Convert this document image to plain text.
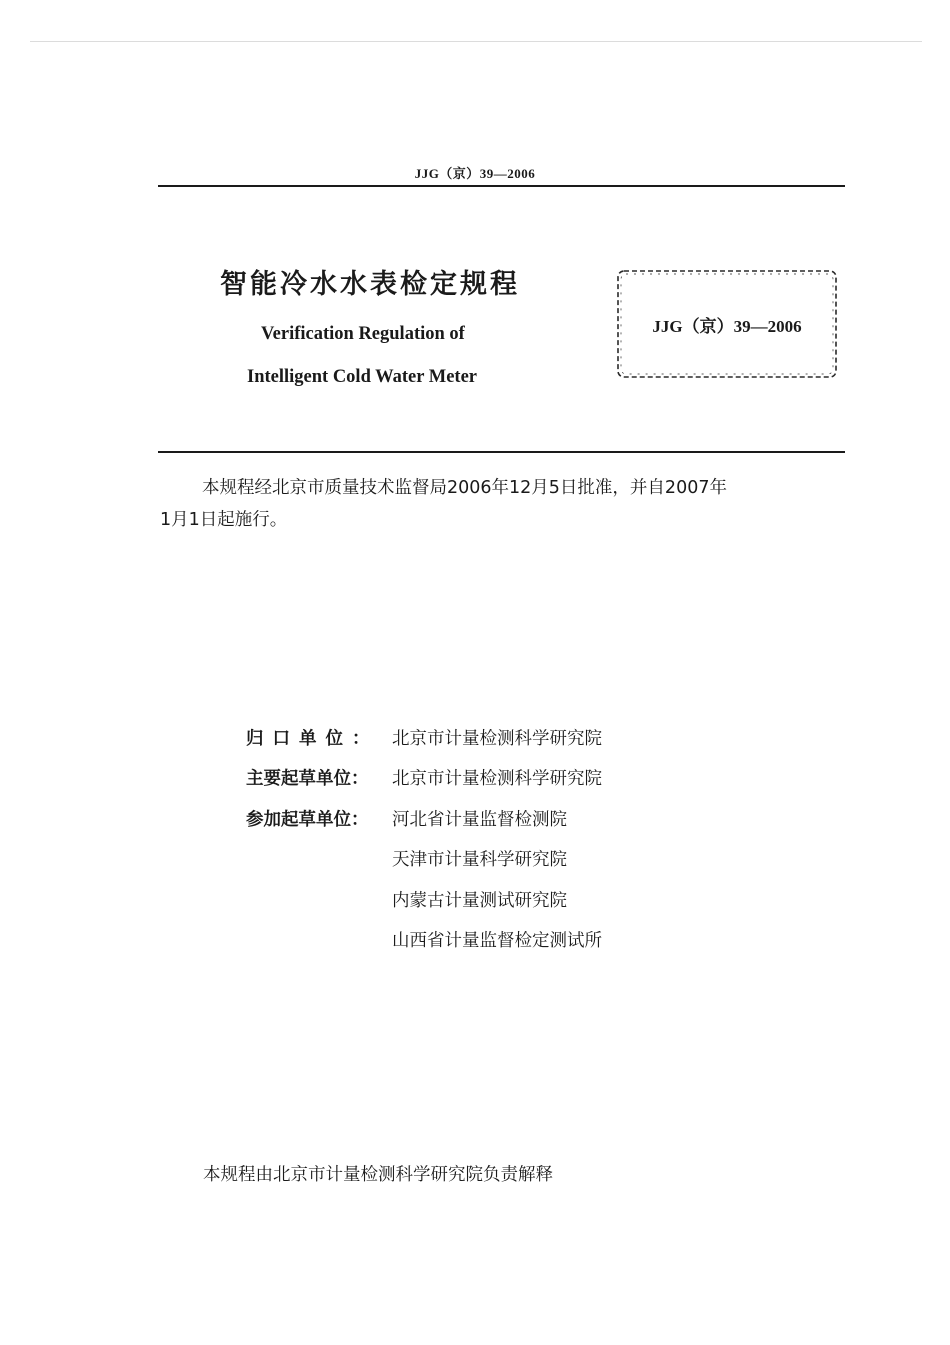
JJG（京）39—2006
智能冷水水表检定规程
Verification Regulation of
Intelligent Cold Water Meter
JJG（京）39—2006

本规程经北京市质量技术监督局2006年12月5日批准，并自2007年

1月1日起施行。

归口单位： 北京市计量检测科学研究院
主要起草单位： 北京市计量检测科学研究院
参加起草单位： 河北省计量监督检测院
天津市计量科学研究院
内蒙古计量测试研究院
山西省计量监督检定测试所
本规程由北京市计量检测科学研究院负责解释
